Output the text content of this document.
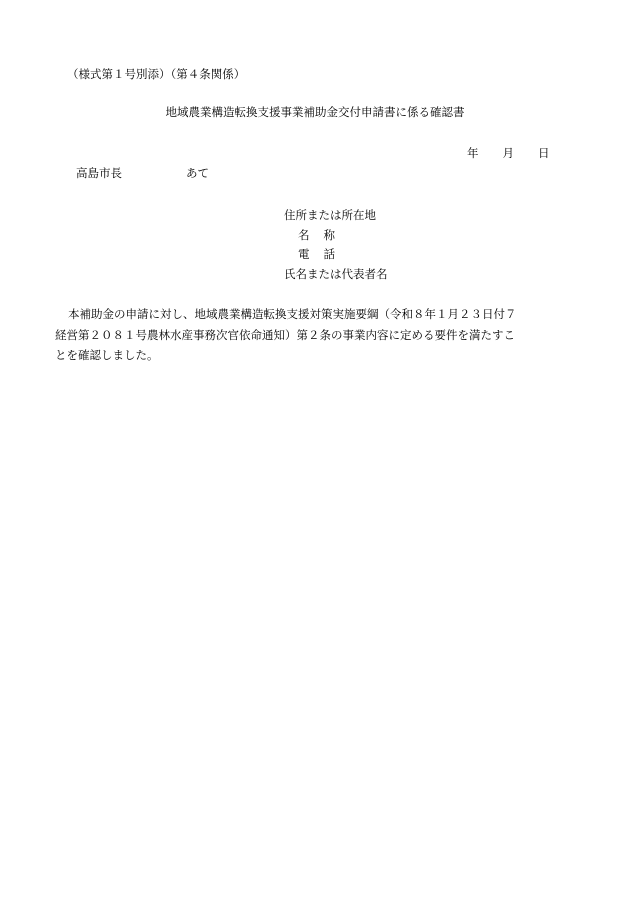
（様式第１号別添）（第４条関係）
地域農業構造転換支援事業補助金交付申請書に係る確認書
年 月 日
高島市長	あて
住所または所在地
名 称
電 話
氏名または代表者名

本補助金の申請に対し、地域農業構造転換支援対策実施要綱（令和８年１月２３日付７

経営第２０８１号農林水産事務次官依命通知）第２条の事業内容に定める要件を満たすこ

とを確認しました。
